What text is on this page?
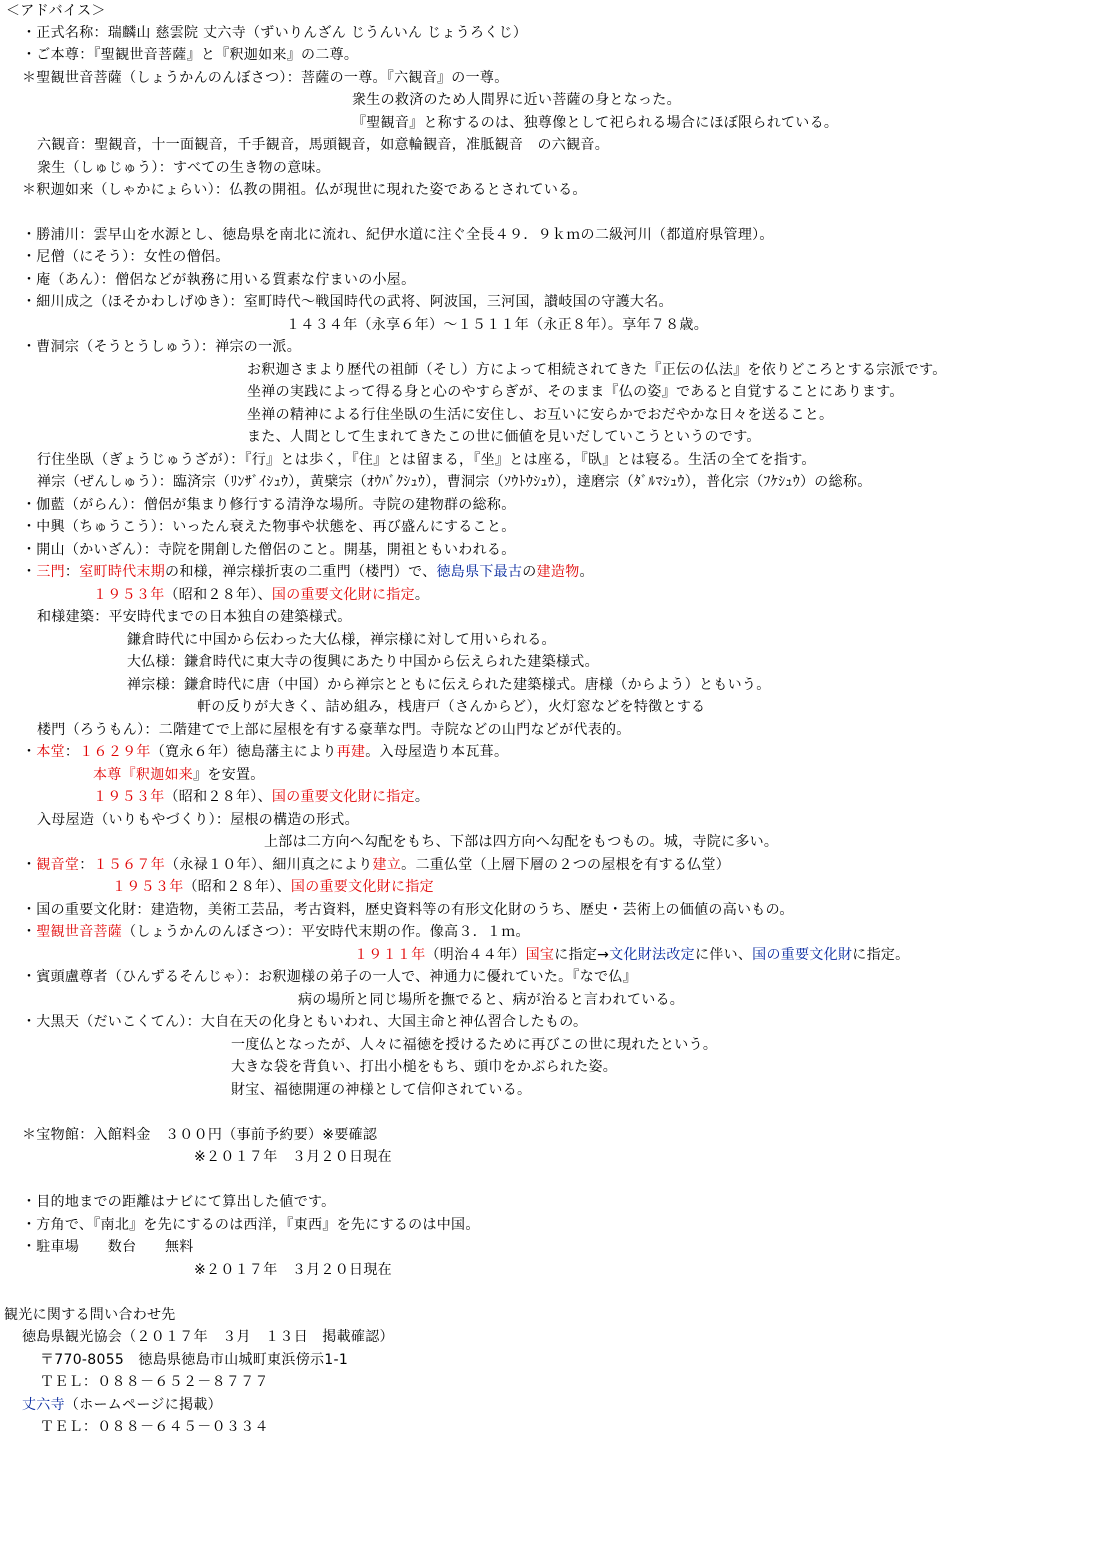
＜アドバイス＞
・正式名称：瑞麟山 慈雲院 丈六寺（ずいりんざん じうんいん じょうろくじ）
・ご本尊：『聖観世音菩薩』と『釈迦如来』の二尊。
＊聖観世音菩薩（しょうかんのんぼさつ）：菩薩の一尊。『六観音』の一尊。
衆生の救済のため人間界に近い菩薩の身となった。
『聖観音』と称するのは、独尊像として祀られる場合にほぼ限られている。
六観音：聖観音，十一面観音，千手観音，馬頭観音，如意輪観音，准胝観音　の六観音。
衆生（しゅじゅう）：すべての生き物の意味。
＊釈迦如来（しゃかにょらい）：仏教の開祖。仏が現世に現れた姿であるとされている。
・勝浦川：雲早山を水源とし、徳島県を南北に流れ、紀伊水道に注ぐ全長４９．９ｋｍの二級河川（都道府県管理）。
・尼僧（にそう）：女性の僧侶。
・庵（あん）：僧侶などが執務に用いる質素な佇まいの小屋。
・細川成之（ほそかわしげゆき）：室町時代～戦国時代の武将、阿波国，三河国，讃岐国の守護大名。
１４３４年（永享６年）～１５１１年（永正８年）。享年７８歳。
・曹洞宗（そうとうしゅう）：禅宗の一派。
お釈迦さまより歴代の祖師（そし）方によって相続されてきた『正伝の仏法』を依りどころとする宗派です。
坐禅の実践によって得る身と心のやすらぎが、そのまま『仏の姿』であると自覚することにあります。
坐禅の精神による行住坐臥の生活に安住し、お互いに安らかでおだやかな日々を送ること。
また、人間として生まれてきたこの世に価値を見いだしていこうというのです。
行住坐臥（ぎょうじゅうざが）：『行』とは歩く，『住』とは留まる，『坐』とは座る，『臥』とは寝る。生活の全てを指す。
禅宗（ぜんしゅう）：臨済宗（ﾘﾝｻﾞｲｼｭｳ），黄檗宗（ｵｳﾊﾞｸｼｭｳ），曹洞宗（ｿｳﾄｳｼｭｳ），達磨宗（ﾀﾞﾙﾏｼｭｳ），普化宗（ﾌｹｼｭｳ）の総称。
・伽藍（がらん）：僧侶が集まり修行する清浄な場所。寺院の建物群の総称。
・中興（ちゅうこう）：いったん衰えた物事や状態を、再び盛んにすること。
・開山（かいざん）：寺院を開創した僧侶のこと。開基，開祖ともいわれる。
・三門：室町時代末期の和様，禅宗様折衷の二重門（楼門）で、徳島県下最古の建造物。
１９５３年（昭和２８年）、国の重要文化財に指定。
和様建築：平安時代までの日本独自の建築様式。
鎌倉時代に中国から伝わった大仏様，禅宗様に対して用いられる。
大仏様：鎌倉時代に東大寺の復興にあたり中国から伝えられた建築様式。
禅宗様：鎌倉時代に唐（中国）から禅宗とともに伝えられた建築様式。唐様（からよう）ともいう。
軒の反りが大きく、詰め組み，桟唐戸（さんからど），火灯窓などを特徴とする
楼門（ろうもん）：二階建てで上部に屋根を有する豪華な門。寺院などの山門などが代表的。
・本堂：１６２９年（寛永６年）徳島藩主により再建。入母屋造り本瓦葺。
本尊『釈迦如来』を安置。
１９５３年（昭和２８年）、国の重要文化財に指定。
入母屋造（いりもやづくり）：屋根の構造の形式。
上部は二方向へ勾配をもち、下部は四方向へ勾配をもつもの。城，寺院に多い。
・観音堂：１５６７年（永禄１０年）、細川真之により建立。二重仏堂（上層下層の２つの屋根を有する仏堂）
１９５３年（昭和２８年）、国の重要文化財に指定
・国の重要文化財：建造物，美術工芸品，考古資料，歴史資料等の有形文化財のうち、歴史・芸術上の価値の高いもの。
・聖観世音菩薩（しょうかんのんぼさつ）：平安時代末期の作。像高３．１ｍ。
１９１１年（明治４４年）国宝に指定→文化財法改定に伴い、国の重要文化財に指定。
・賓頭盧尊者（ひんずるそんじゃ）：お釈迦様の弟子の一人で、神通力に優れていた。『なで仏』
病の場所と同じ場所を撫でると、病が治ると言われている。
・大黒天（だいこくてん）：大自在天の化身ともいわれ、大国主命と神仏習合したもの。
一度仏となったが、人々に福徳を授けるために再びこの世に現れたという。
大きな袋を背負い、打出小槌をもち、頭巾をかぶられた姿。
財宝、福徳開運の神様として信仰されている。
＊宝物館：入館料金　３００円（事前予約要）※要確認
※２０１７年　３月２０日現在
・目的地までの距離はナビにて算出した値です。
・方角で、『南北』を先にするのは西洋，『東西』を先にするのは中国。
・駐車場　　数台　　無料
※２０１７年　３月２０日現在
観光に関する問い合わせ先
徳島県観光協会（２０１７年　３月　１３日　掲載確認）
〒770-8055　徳島県徳島市山城町東浜傍示1-1
ＴＥＬ：０８８－６５２－８７７７
丈六寺（ホームページに掲載）
ＴＥＬ：０８８－６４５－０３３４
